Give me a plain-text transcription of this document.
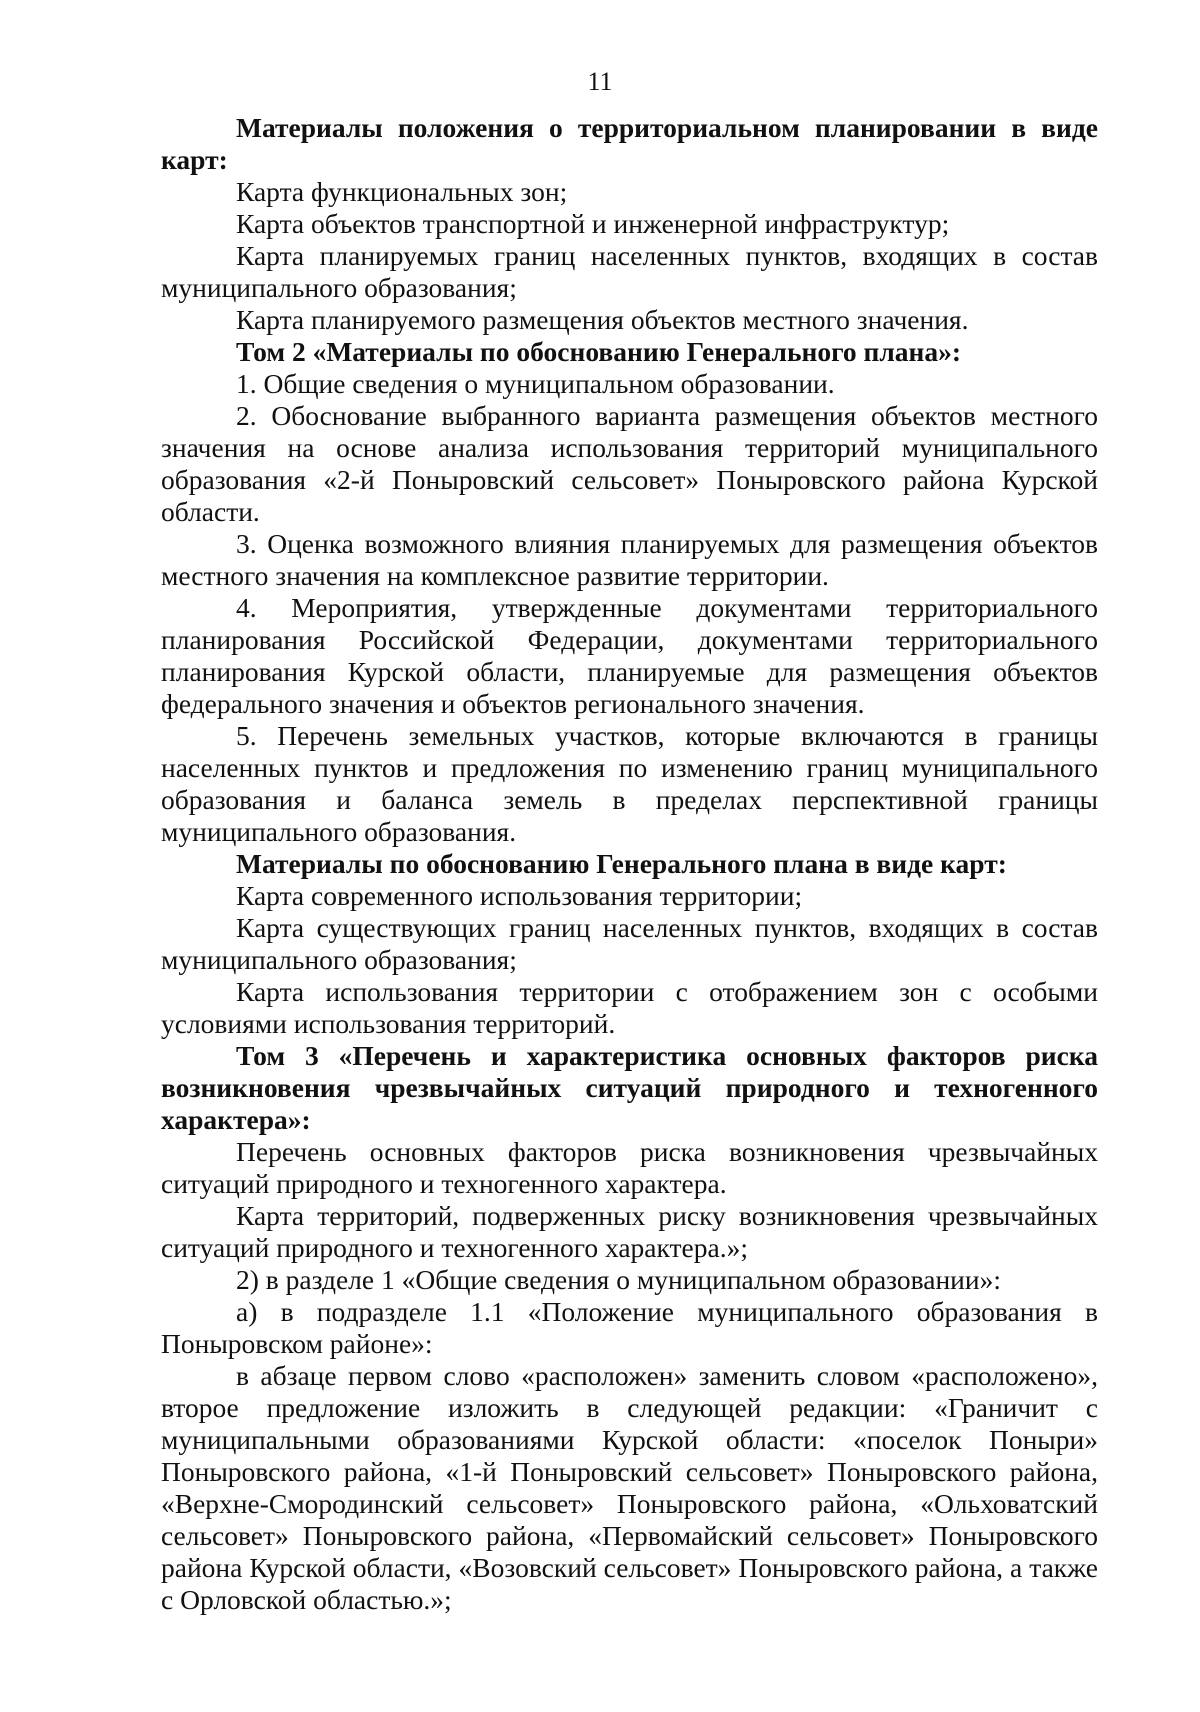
11

Материалы положения о территориальном планировании в виде карт:

Карта функциональных зон;

Карта объектов транспортной и инженерной инфраструктур;

Карта планируемых границ населенных пунктов, входящих в состав муниципального образования;

Карта планируемого размещения объектов местного значения.

Том 2 «Материалы по обоснованию Генерального плана»:

1. Общие сведения о муниципальном образовании.

2. Обоснование выбранного варианта размещения объектов местного значения на основе анализа использования территорий муниципального образования «2-й Поныровский сельсовет» Поныровского района Курской области.

3. Оценка возможного влияния планируемых для размещения объектов местного значения на комплексное развитие территории.

4. Мероприятия, утвержденные документами территориального планирования Российской Федерации, документами территориального планирования Курской области, планируемые для размещения объектов федерального значения и объектов регионального значения.

5. Перечень земельных участков, которые включаются в границы населенных пунктов и предложения по изменению границ муниципального образования и баланса земель в пределах перспективной границы муниципального образования.

Материалы по обоснованию Генерального плана в виде карт:

Карта современного использования территории;

Карта существующих границ населенных пунктов, входящих в состав муниципального образования;

Карта использования территории с отображением зон с особыми условиями использования территорий.

Том 3 «Перечень и характеристика основных факторов риска возникновения чрезвычайных ситуаций природного и техногенного характера»:

Перечень основных факторов риска возникновения чрезвычайных ситуаций природного и техногенного характера.

Карта территорий, подверженных риску возникновения чрезвычайных ситуаций природного и техногенного характера.»;

2) в разделе 1 «Общие сведения о муниципальном образовании»:

а) в подразделе 1.1 «Положение муниципального образования в Поныровском районе»:

в абзаце первом слово «расположен» заменить словом «расположено», второе предложение изложить в следующей редакции: «Граничит с муниципальными образованиями Курской области: «поселок Поныри» Поныровского района, «1-й Поныровский сельсовет» Поныровского района, «Верхне-Смородинский сельсовет» Поныровского района, «Ольховатский сельсовет» Поныровского района, «Первомайский сельсовет» Поныровского района Курской области, «Возовский сельсовет» Поныровского района, а также с Орловской областью.»;
